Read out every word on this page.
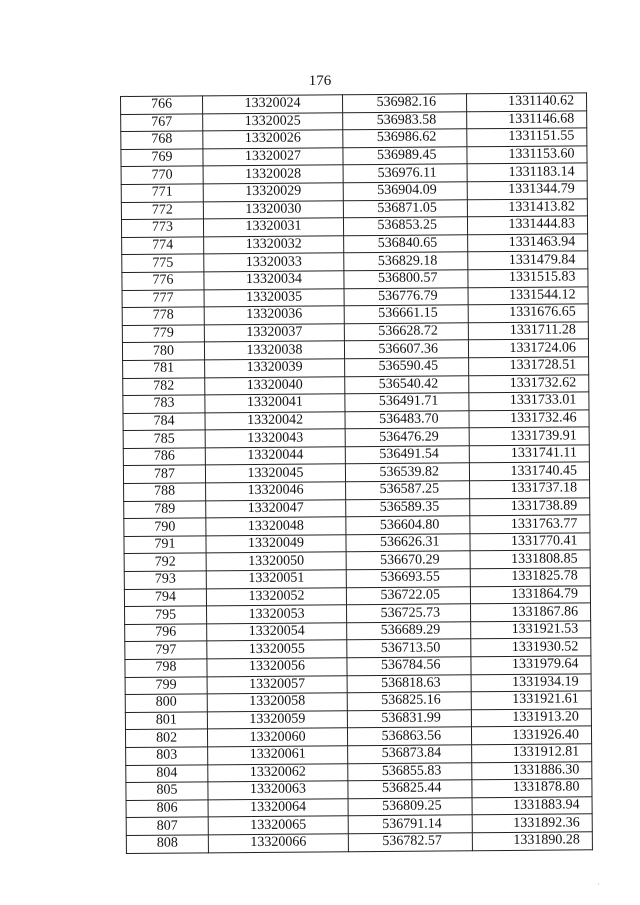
176
766	13320024	536982.16	1331140.62
767	13320025	536983.58	1331146.68
768	13320026	536986.62	1331151.55
769	13320027	536989.45	1331153.60
770	13320028	536976.11	1331183.14
771	13320029	536904.09	1331344.79
772	13320030	536871.05	1331413.82
773	13320031	536853.25	1331444.83
774	13320032	536840.65	1331463.94
775	13320033	536829.18	1331479.84
776	13320034	536800.57	1331515.83
777	13320035	536776.79	1331544.12
778	13320036	536661.15	1331676.65
779	13320037	536628.72	1331711.28
780	13320038	536607.36	1331724.06
781	13320039	536590.45	1331728.51
782	13320040	536540.42	1331732.62
783	13320041	536491.71	1331733.01
784	13320042	536483.70	1331732.46
785	13320043	536476.29	1331739.91
786	13320044	536491.54	1331741.11
787	13320045	536539.82	1331740.45
788	13320046	536587.25	1331737.18
789	13320047	536589.35	1331738.89
790	13320048	536604.80	1331763.77
791	13320049	536626.31	1331770.41
792	13320050	536670.29	1331808.85
793	13320051	536693.55	1331825.78
794	13320052	536722.05	1331864.79
795	13320053	536725.73	1331867.86
796	13320054	536689.29	1331921.53
797	13320055	536713.50	1331930.52
798	13320056	536784.56	1331979.64
799	13320057	536818.63	1331934.19
800	13320058	536825.16	1331921.61
801	13320059	536831.99	1331913.20
802	13320060	536863.56	1331926.40
803	13320061	536873.84	1331912.81
804	13320062	536855.83	1331886.30
805	13320063	536825.44	1331878.80
806	13320064	536809.25	1331883.94
807	13320065	536791.14	1331892.36
808	13320066	536782.57	1331890.28
·
